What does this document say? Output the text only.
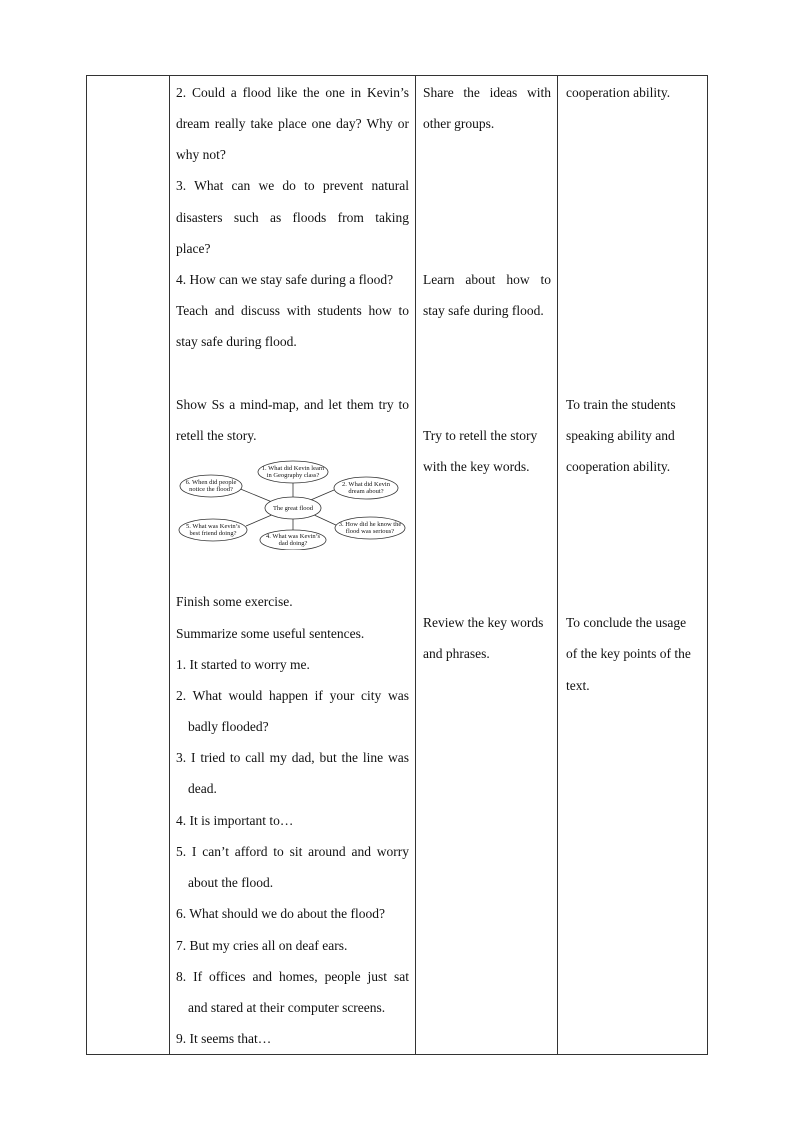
2. Could a flood like the one in Kevin’s
dream really take place one day? Why or
why not?
3. What can we do to prevent natural
disasters such as floods from taking
place?
4. How can we stay safe during a flood?
Teach and discuss with students how to
stay safe during flood.
Show Ss a mind-map, and let them try to
retell the story.
The great flood
1. What did Kevin learn
in Geography class?
2. What did Kevin
dream about?
3. How did he know the
flood was serious?
4. What was Kevin’s
dad doing?
5. What was Kevin’s
best friend doing?
6. When did people
notice the flood?
Finish some exercise.
Summarize some useful sentences.
1. It started to worry me.
2. What would happen if your city was
badly flooded?
3. I tried to call my dad, but the line was
dead.
4. It is important to…
5. I can’t afford to sit around and worry
about the flood.
6. What should we do about the flood?
7. But my cries all on deaf ears.
8. If offices and homes, people just sat
and stared at their computer screens.
9. It seems that…
Share the ideas with
other groups.
Learn about how to
stay safe during flood.
Try to retell the story
with the key words.
Review the key words
and phrases.
cooperation ability.
To train the students
speaking ability and
cooperation ability.
To conclude the usage
of the key points of the
text.
